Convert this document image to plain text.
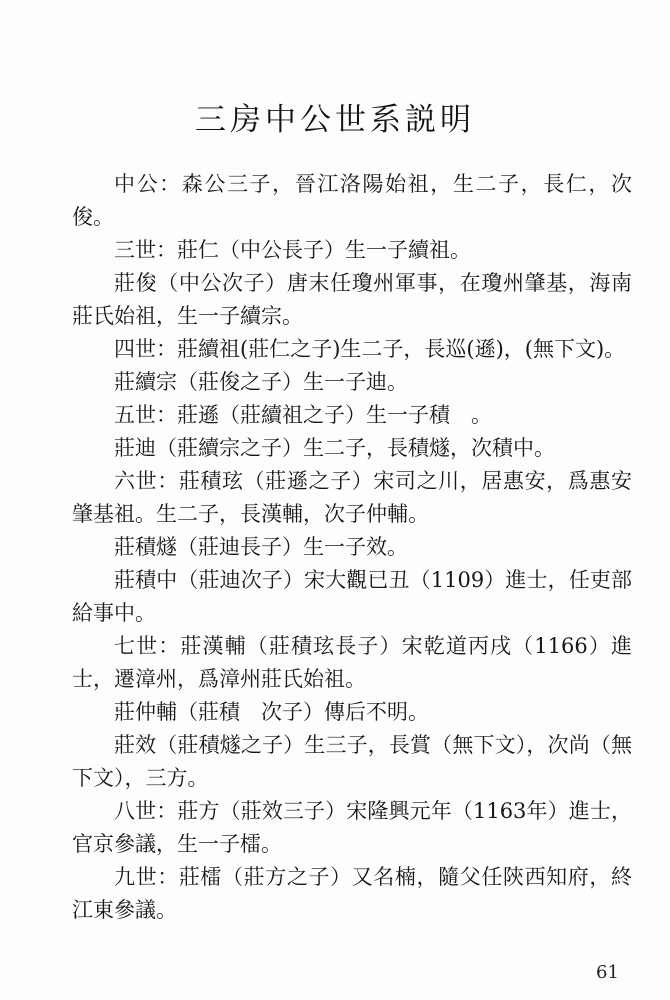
三房中公世系説明

中公：森公三子，晉江洛陽始祖，生二子，長仁，次俊。

三世：莊仁（中公長子）生一子續祖。

莊俊（中公次子）唐末任瓊州軍事，在瓊州肇基，海南莊氏始祖，生一子續宗。

四世：莊續祖(莊仁之子)生二子，長巡(遜)，(無下文)。

莊續宗（莊俊之子）生一子迪。

五世：莊遜（莊續祖之子）生一子積　。

莊迪（莊續宗之子）生二子，長積燧，次積中。

六世：莊積玹（莊遜之子）宋司之川，居惠安，爲惠安肇基祖。生二子，長漢輔，次子仲輔。

莊積燧（莊迪長子）生一子效。

莊積中（莊迪次子）宋大觀已丑（1109）進士，任吏部給事中。

七世：莊漢輔（莊積玹長子）宋乾道丙戌（1166）進士，遷漳州，爲漳州莊氏始祖。

莊仲輔（莊積　次子）傳后不明。

莊效（莊積燧之子）生三子，長賞（無下文），次尚（無下文），三方。

八世：莊方（莊效三子）宋隆興元年（1163年）進士，官京參議，生一子檑。

九世：莊檑（莊方之子）又名楠，隨父任陝西知府，終江東參議。

61
